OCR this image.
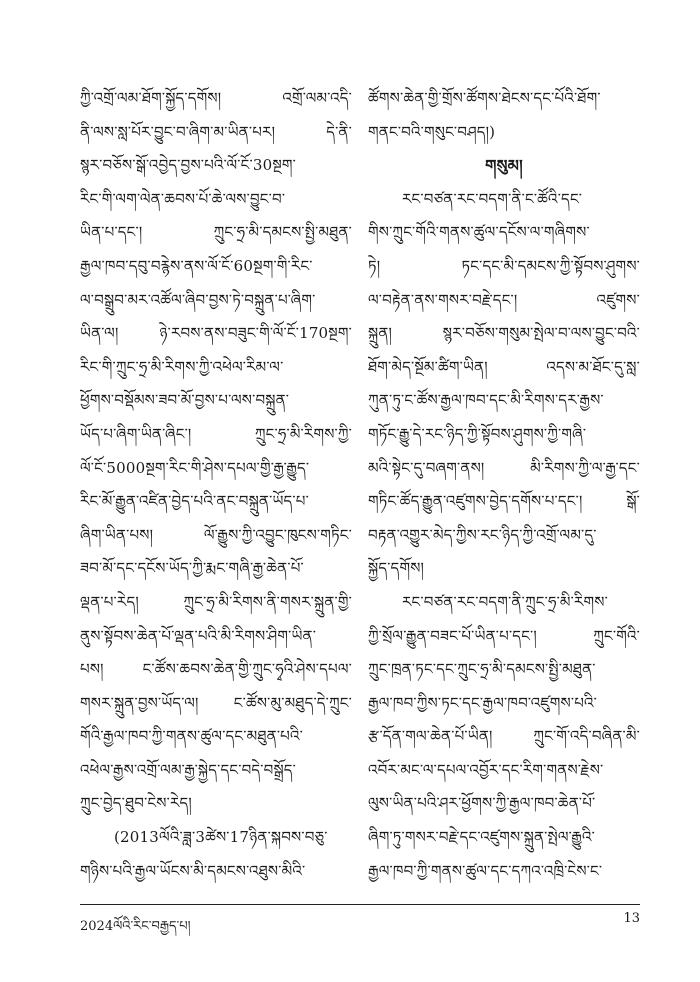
ཀྱི་འགྲོ་ལམ་ཐོག་སྐྱོད་དགོས། འགྲོ་ལམ་འདི་
ནི་ལས་སླ་པོར་བྱུང་བ་ཞིག་མ་ཡིན་པར། དེ་ནི་
སྙར་བཅོས་སྒོ་འབྱེད་བྱས་པའི་ལོ་ངོ་30སྔག་
རིང་གི་ལག་ལེན་ཆབས་པོ་ཆེ་ལས་བྱུང་བ་
ཡིན་པ་དང་། ཀྲུང་ཧྲ་མི་དམངས་སྤྱི་མཐུན་
རྒྱལ་ཁབ་དབུ་བརྙེས་ནས་ལོ་ངོ་60སྔག་གི་རིང་
ལ་བསྒྲུབ་མར་འཚོལ་ཞིབ་བྱས་ཏེ་བསྐྲུན་པ་ཞིག་
ཡིན་ལ། ཉེ་རབས་ནས་བཟུང་གི་ལོ་ངོ་170སྔག་
རིང་གི་ཀྲུང་ཧྲ་མི་རིགས་ཀྱི་འཕེལ་རིམ་ལ་
ཕྱོགས་བསྡོམས་ཟབ་མོ་བྱས་པ་ལས་བསྐྲུན་
ཡོད་པ་ཞིག་ཡིན་ཞིང་། ཀྲུང་ཧྲ་མི་རིགས་ཀྱི་
ལོ་ངོ་5000སྔག་རིང་གི་ཤེས་དཔལ་གྱི་རྒྱ་རྒྱུད་
རིང་མོ་རྒྱུན་འཛིན་བྱེད་པའི་ནང་བསྐྲུན་ཡོད་པ་
ཞིག་ཡིན་པས། ལོ་རྒྱུས་ཀྱི་འབྱུང་ཁུངས་གཏིང་
ཟབ་མོ་དང་དངོས་ཡོད་ཀྱི་རྨང་གཞི་རྒྱ་ཆེན་པོ་
ལྡན་པ་རེད། ཀྲུང་ཧྲ་མི་རིགས་ནི་གསར་སྐྲུན་གྱི་
ནུས་སྟོབས་ཆེན་པོ་ལྡན་པའི་མི་རིགས་ཤིག་ཡིན་
པས། ང་ཚོས་ཆབས་ཆེན་གྱི་ཀྲུང་ཧྭའི་ཤེས་དཔལ་
གསར་སྐྲུན་བྱས་ཡོད་ལ། ང་ཚོས་མུ་མཐུད་དེ་ཀྲུང་
གོའི་རྒྱལ་ཁབ་ཀྱི་གནས་ཚུལ་དང་མཐུན་པའི་
འཕེལ་རྒྱས་འགྲོ་ལམ་རྒྱ་སྐྱེད་དང་བདེ་བསྒྲོད་
ཀྲུང་བྱེད་ཐུབ་ངེས་རེད།
(2013ལོའི་ཟླ་3ཚེས་17ཉིན་སྐབས་བཅུ་
གཉིས་པའི་རྒྱལ་ཡོངས་མི་དམངས་འཐུས་མིའི་
ཚོགས་ཆེན་གྱི་གྲོས་ཚོགས་ཐེངས་དང་པོའི་ཐོག་
གནང་བའི་གསུང་བཤད།)
གསུམ།
རང་བཙན་རང་བདག་ནི་ང་ཚོའི་དང་
གིས་ཀྲུང་གོའི་གནས་ཚུལ་དངོས་ལ་གཞིགས་
ཏེ། ཏང་དང་མི་དམངས་ཀྱི་སྟོབས་ཤུགས་
ལ་བརྟེན་ནས་གསར་བརྗེ་དང་། འཛུགས་
སྐྲུན། སྙར་བཅོས་གསུམ་སྤེལ་བ་ལས་བྱུང་བའི་
ཐོག་མེད་སྔོམ་ཚིག་ཡིན། འདས་མ་ཐོང་དུ་སླ་
ཀུན་ཏུ་ང་ཚོས་རྒྱལ་ཁབ་དང་མི་རིགས་དར་རྒྱས་
གཏོང་རྒྱུ་དེ་རང་ཉིད་ཀྱི་སྟོབས་ཤུགས་ཀྱི་གཞི་
མའི་སྟེང་དུ་བཞག་ནས། མི་རིགས་ཀྱི་ལ་རྒྱ་དང་
གཏིང་ཚོད་རྒྱུན་འཛུགས་བྱེད་དགོས་པ་དང་། སྒོ་
བརྟན་འགྱུར་མེད་ཀྱིས་རང་ཉིད་ཀྱི་འགྲོ་ལམ་དུ་
སྐྱོད་དགོས།
རང་བཙན་རང་བདག་ནི་ཀྲུང་ཧྲ་མི་རིགས་
ཀྱི་སྲོལ་རྒྱུན་བཟང་པོ་ཡིན་པ་དང་། ཀྲུང་གོའི་
ཀྲུང་ཁྲན་ཏང་དང་ཀྲུང་ཧྲ་མི་དམངས་སྤྱི་མཐུན་
རྒྱལ་ཁབ་ཀྱིས་ཏང་དང་རྒྱལ་ཁབ་འཛུགས་པའི་
རྩ་དོན་གལ་ཆེན་པོ་ཡིན། ཀྲུང་གོ་འདི་བཞིན་མི་
འབོར་མང་ལ་དཔལ་འབྱོར་དང་རིག་གནས་རྗེས་
ལུས་ཡིན་པའི་ཤར་ཕྱོགས་ཀྱི་རྒྱལ་ཁབ་ཆེན་པོ་
ཞིག་ཏུ་གསར་བརྗེ་དང་འཛུགས་སྐྲུན་སྤེལ་རྒྱུའི་
རྒྱལ་ཁབ་ཀྱི་གནས་ཚུལ་དང་དཀའ་འཁྲི་ངེས་ང་
2024ལོའི་རིང་བརྒྱད་པ།
13
